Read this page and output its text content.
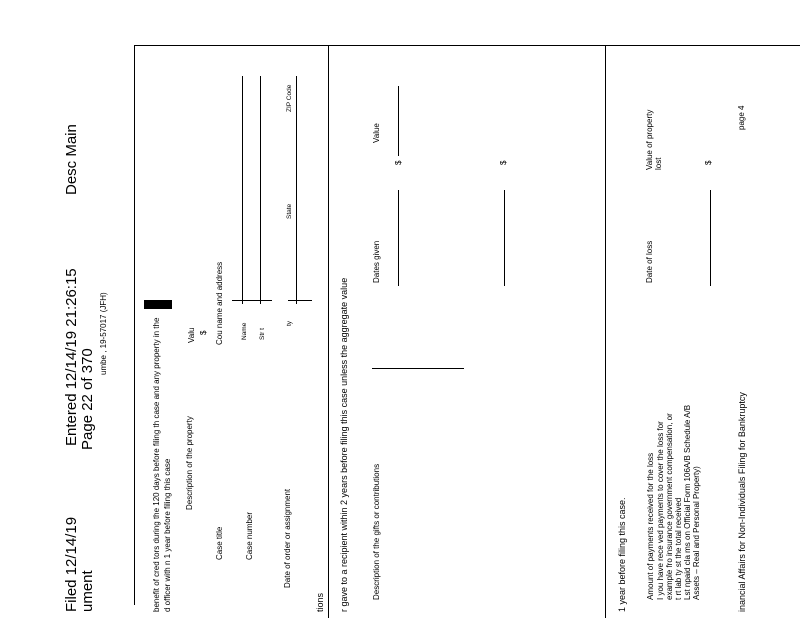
Filed 12/14/19
Entered 12/14/19 21:26:15
Desc Main
ument
Page 22 of 370
umbe , 19-57017 (JFH)	benefit of cred tors during the 120 days before filing th case and any property in the d officer with n 1 year before filing this case Description of the property
Valu $
Case title
Cou name and address
Case number
Name Str t
Date of order or assignment
ty
State
ZIP Code
tions r gave to a recipient within 2 years before filing this case unless the aggregate value	Description of the gifts or contributions
Dates given
Value
$	$
1 year before filing this case. Amount of payments received for the loss I you have rece ved payments to cover the loss for example fro insurance government compensation, or t rt lab ty st the total received Lst npaid cla ms on Official Form 106A/B Schedule A/B Assets – Real and Personal Property)
Date of loss
Value of property lost	$
inancial Affairs for Non-Individuals Filing for Bankruptcy
page 4
